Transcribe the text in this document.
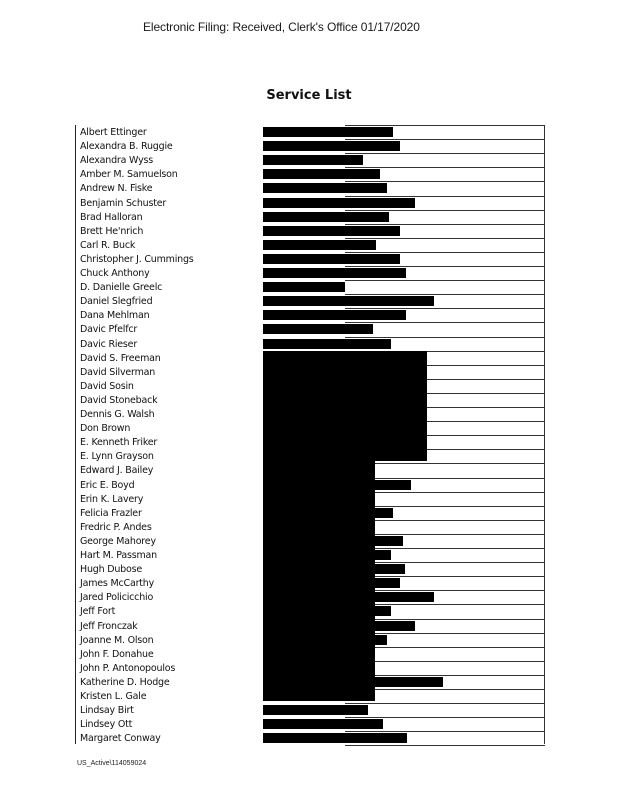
Electronic Filing: Received, Clerk's Office 01/17/2020
Service List
Albert Ettinger
Alexandra B. Ruggie
Alexandra Wyss
Amber M. Samuelson
Andrew N. Fiske
Benjamin Schuster
Brad Halloran
Brett He'nrich
Carl R. Buck
Christopher J. Cummings
Chuck Anthony
D. Danielle Greelc
Daniel Slegfried
Dana Mehlman
Davic Pfelfcr
Davic Rieser
David S. Freeman
David Silverman
David Sosin
David Stoneback
Dennis G. Walsh
Don Brown
E. Kenneth Friker
E. Lynn Grayson
Edward J. Bailey
Eric E. Boyd
Erin K. Lavery
Felicia Frazler
Fredric P. Andes
George Mahorey
Hart M. Passman
Hugh Dubose
James McCarthy
Jared Policicchio
Jeff Fort
Jeff Fronczak
Joanne M. Olson
John F. Donahue
John P. Antonopoulos
Katherine D. Hodge
Kristen L. Gale
Lindsay Birt
Lindsey Ott
Margaret Conway
US_Active\114059024
